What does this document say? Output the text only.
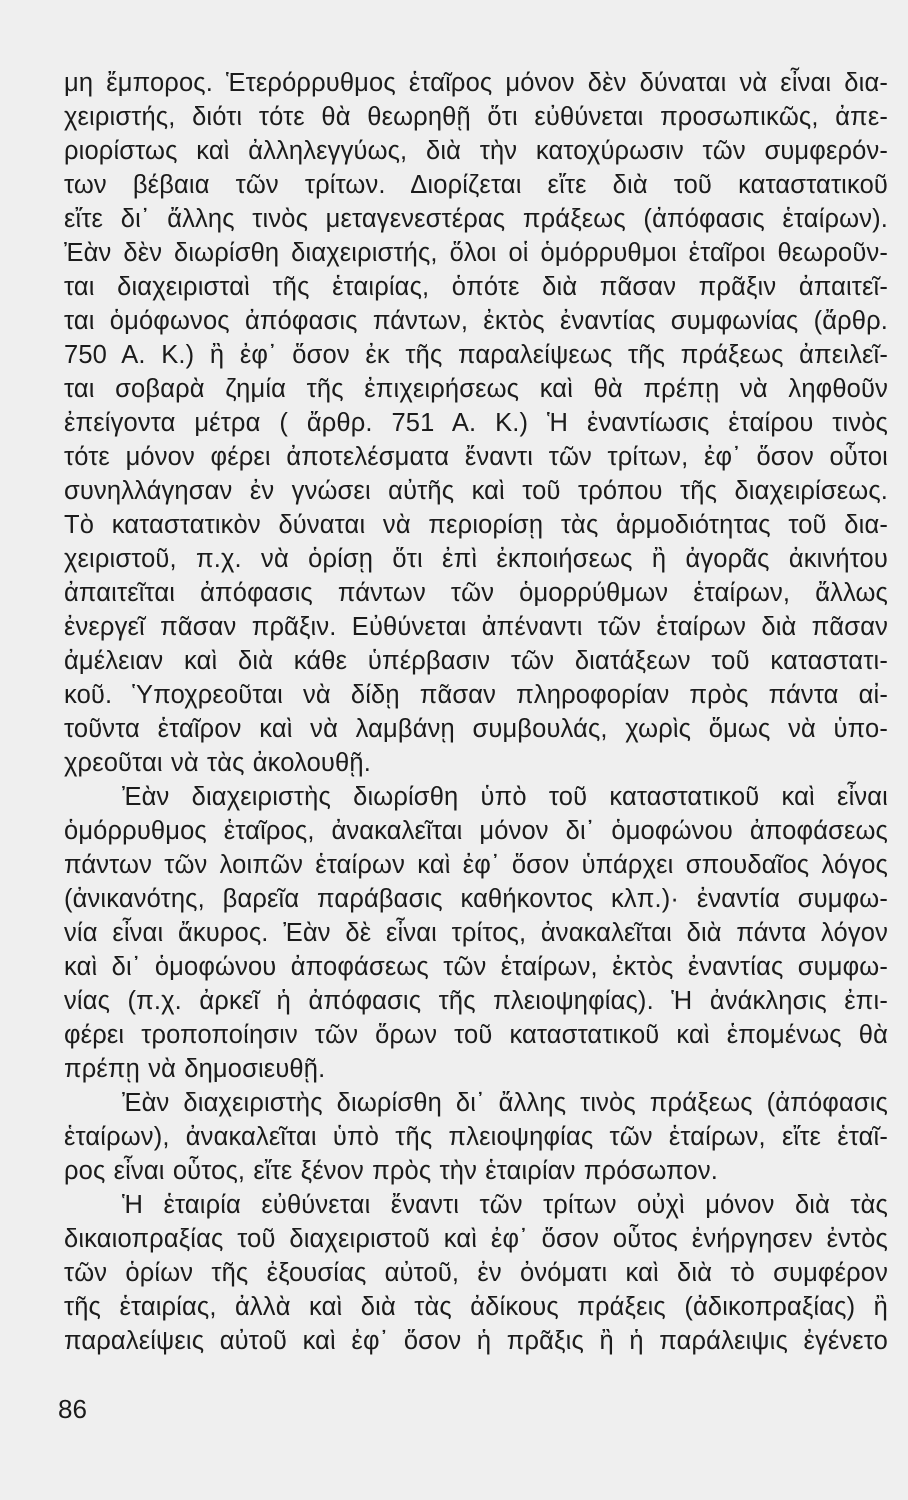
μη ἔμπορος. Ἑτερόρρυθμος ἑταῖρος μόνον δὲν δύναται νὰ εἶναι δια-
χειριστής, διότι τότε θὰ θεωρηθῇ ὅτι εὐθύνεται προσωπικῶς, ἀπε-
ριορίστως καὶ ἀλληλεγγύως, διὰ τὴν κατοχύρωσιν τῶν συμφερόν-
των βέβαια τῶν τρίτων. Διορίζεται εἴτε διὰ τοῦ καταστατικοῦ
εἴτε δι᾽ ἄλλης τινὸς μεταγενεστέρας πράξεως (ἀπόφασις ἑταίρων).
Ἐὰν δὲν διωρίσθη διαχειριστής, ὅλοι οἱ ὁμόρρυθμοι ἑταῖροι θεωροῦν-
ται διαχειρισταὶ τῆς ἑταιρίας, ὁπότε διὰ πᾶσαν πρᾶξιν ἀπαιτεῖ-
ται ὁμόφωνος ἀπόφασις πάντων, ἐκτὸς ἐναντίας συμφωνίας (ἄρθρ.
750 Α. Κ.) ἢ ἐφ᾽ ὅσον ἐκ τῆς παραλείψεως τῆς πράξεως ἀπειλεῖ-
ται σοβαρὰ ζημία τῆς ἐπιχειρήσεως καὶ θὰ πρέπῃ νὰ ληφθοῦν
ἐπείγοντα μέτρα ( ἄρθρ. 751 Α. Κ.) Ἡ ἐναντίωσις ἑταίρου τινὸς
τότε μόνον φέρει ἀποτελέσματα ἔναντι τῶν τρίτων, ἐφ᾽ ὅσον οὗτοι
συνηλλάγησαν ἐν γνώσει αὐτῆς καὶ τοῦ τρόπου τῆς διαχειρίσεως.
Τὸ καταστατικὸν δύναται νὰ περιορίσῃ τὰς ἁρμοδιότητας τοῦ δια-
χειριστοῦ, π.χ. νὰ ὁρίσῃ ὅτι ἐπὶ ἐκποιήσεως ἢ ἀγορᾶς ἀκινήτου
ἀπαιτεῖται ἀπόφασις πάντων τῶν ὁμορρύθμων ἑταίρων, ἄλλως
ἐνεργεῖ πᾶσαν πρᾶξιν. Εὐθύνεται ἀπέναντι τῶν ἑταίρων διὰ πᾶσαν
ἀμέλειαν καὶ διὰ κάθε ὑπέρβασιν τῶν διατάξεων τοῦ καταστατι-
κοῦ. Ὑποχρεοῦται νὰ δίδῃ πᾶσαν πληροφορίαν πρὸς πάντα αἰ-
τοῦντα ἑταῖρον καὶ νὰ λαμβάνῃ συμβουλάς, χωρὶς ὅμως νὰ ὑπο-
χρεοῦται νὰ τὰς ἀκολουθῇ.
Ἐὰν διαχειριστὴς διωρίσθη ὑπὸ τοῦ καταστατικοῦ καὶ εἶναι
ὁμόρρυθμος ἑταῖρος, ἀνακαλεῖται μόνον δι᾽ ὁμοφώνου ἀποφάσεως
πάντων τῶν λοιπῶν ἑταίρων καὶ ἐφ᾽ ὅσον ὑπάρχει σπουδαῖος λόγος
(ἀνικανότης, βαρεῖα παράβασις καθήκοντος κλπ.)· ἐναντία συμφω-
νία εἶναι ἄκυρος. Ἐὰν δὲ εἶναι τρίτος, ἀνακαλεῖται διὰ πάντα λόγον
καὶ δι᾽ ὁμοφώνου ἀποφάσεως τῶν ἑταίρων, ἐκτὸς ἐναντίας συμφω-
νίας (π.χ. ἀρκεῖ ἡ ἀπόφασις τῆς πλειοψηφίας). Ἡ ἀνάκλησις ἐπι-
φέρει τροποποίησιν τῶν ὅρων τοῦ καταστατικοῦ καὶ ἑπομένως θὰ
πρέπῃ νὰ δημοσιευθῇ.
Ἐὰν διαχειριστὴς διωρίσθη δι᾽ ἄλλης τινὸς πράξεως (ἀπόφασις
ἑταίρων), ἀνακαλεῖται ὑπὸ τῆς πλειοψηφίας τῶν ἑταίρων, εἴτε ἑταῖ-
ρος εἶναι οὗτος, εἴτε ξένον πρὸς τὴν ἑταιρίαν πρόσωπον.
Ἡ ἑταιρία εὐθύνεται ἔναντι τῶν τρίτων οὐχὶ μόνον διὰ τὰς
δικαιοπραξίας τοῦ διαχειριστοῦ καὶ ἐφ᾽ ὅσον οὗτος ἐνήργησεν ἐντὸς
τῶν ὁρίων τῆς ἐξουσίας αὐτοῦ, ἐν ὀνόματι καὶ διὰ τὸ συμφέρον
τῆς ἑταιρίας, ἀλλὰ καὶ διὰ τὰς ἀδίκους πράξεις (ἀδικοπραξίας) ἢ
παραλείψεις αὐτοῦ καὶ ἐφ᾽ ὅσον ἡ πρᾶξις ἢ ἡ παράλειψις ἐγένετο
86
